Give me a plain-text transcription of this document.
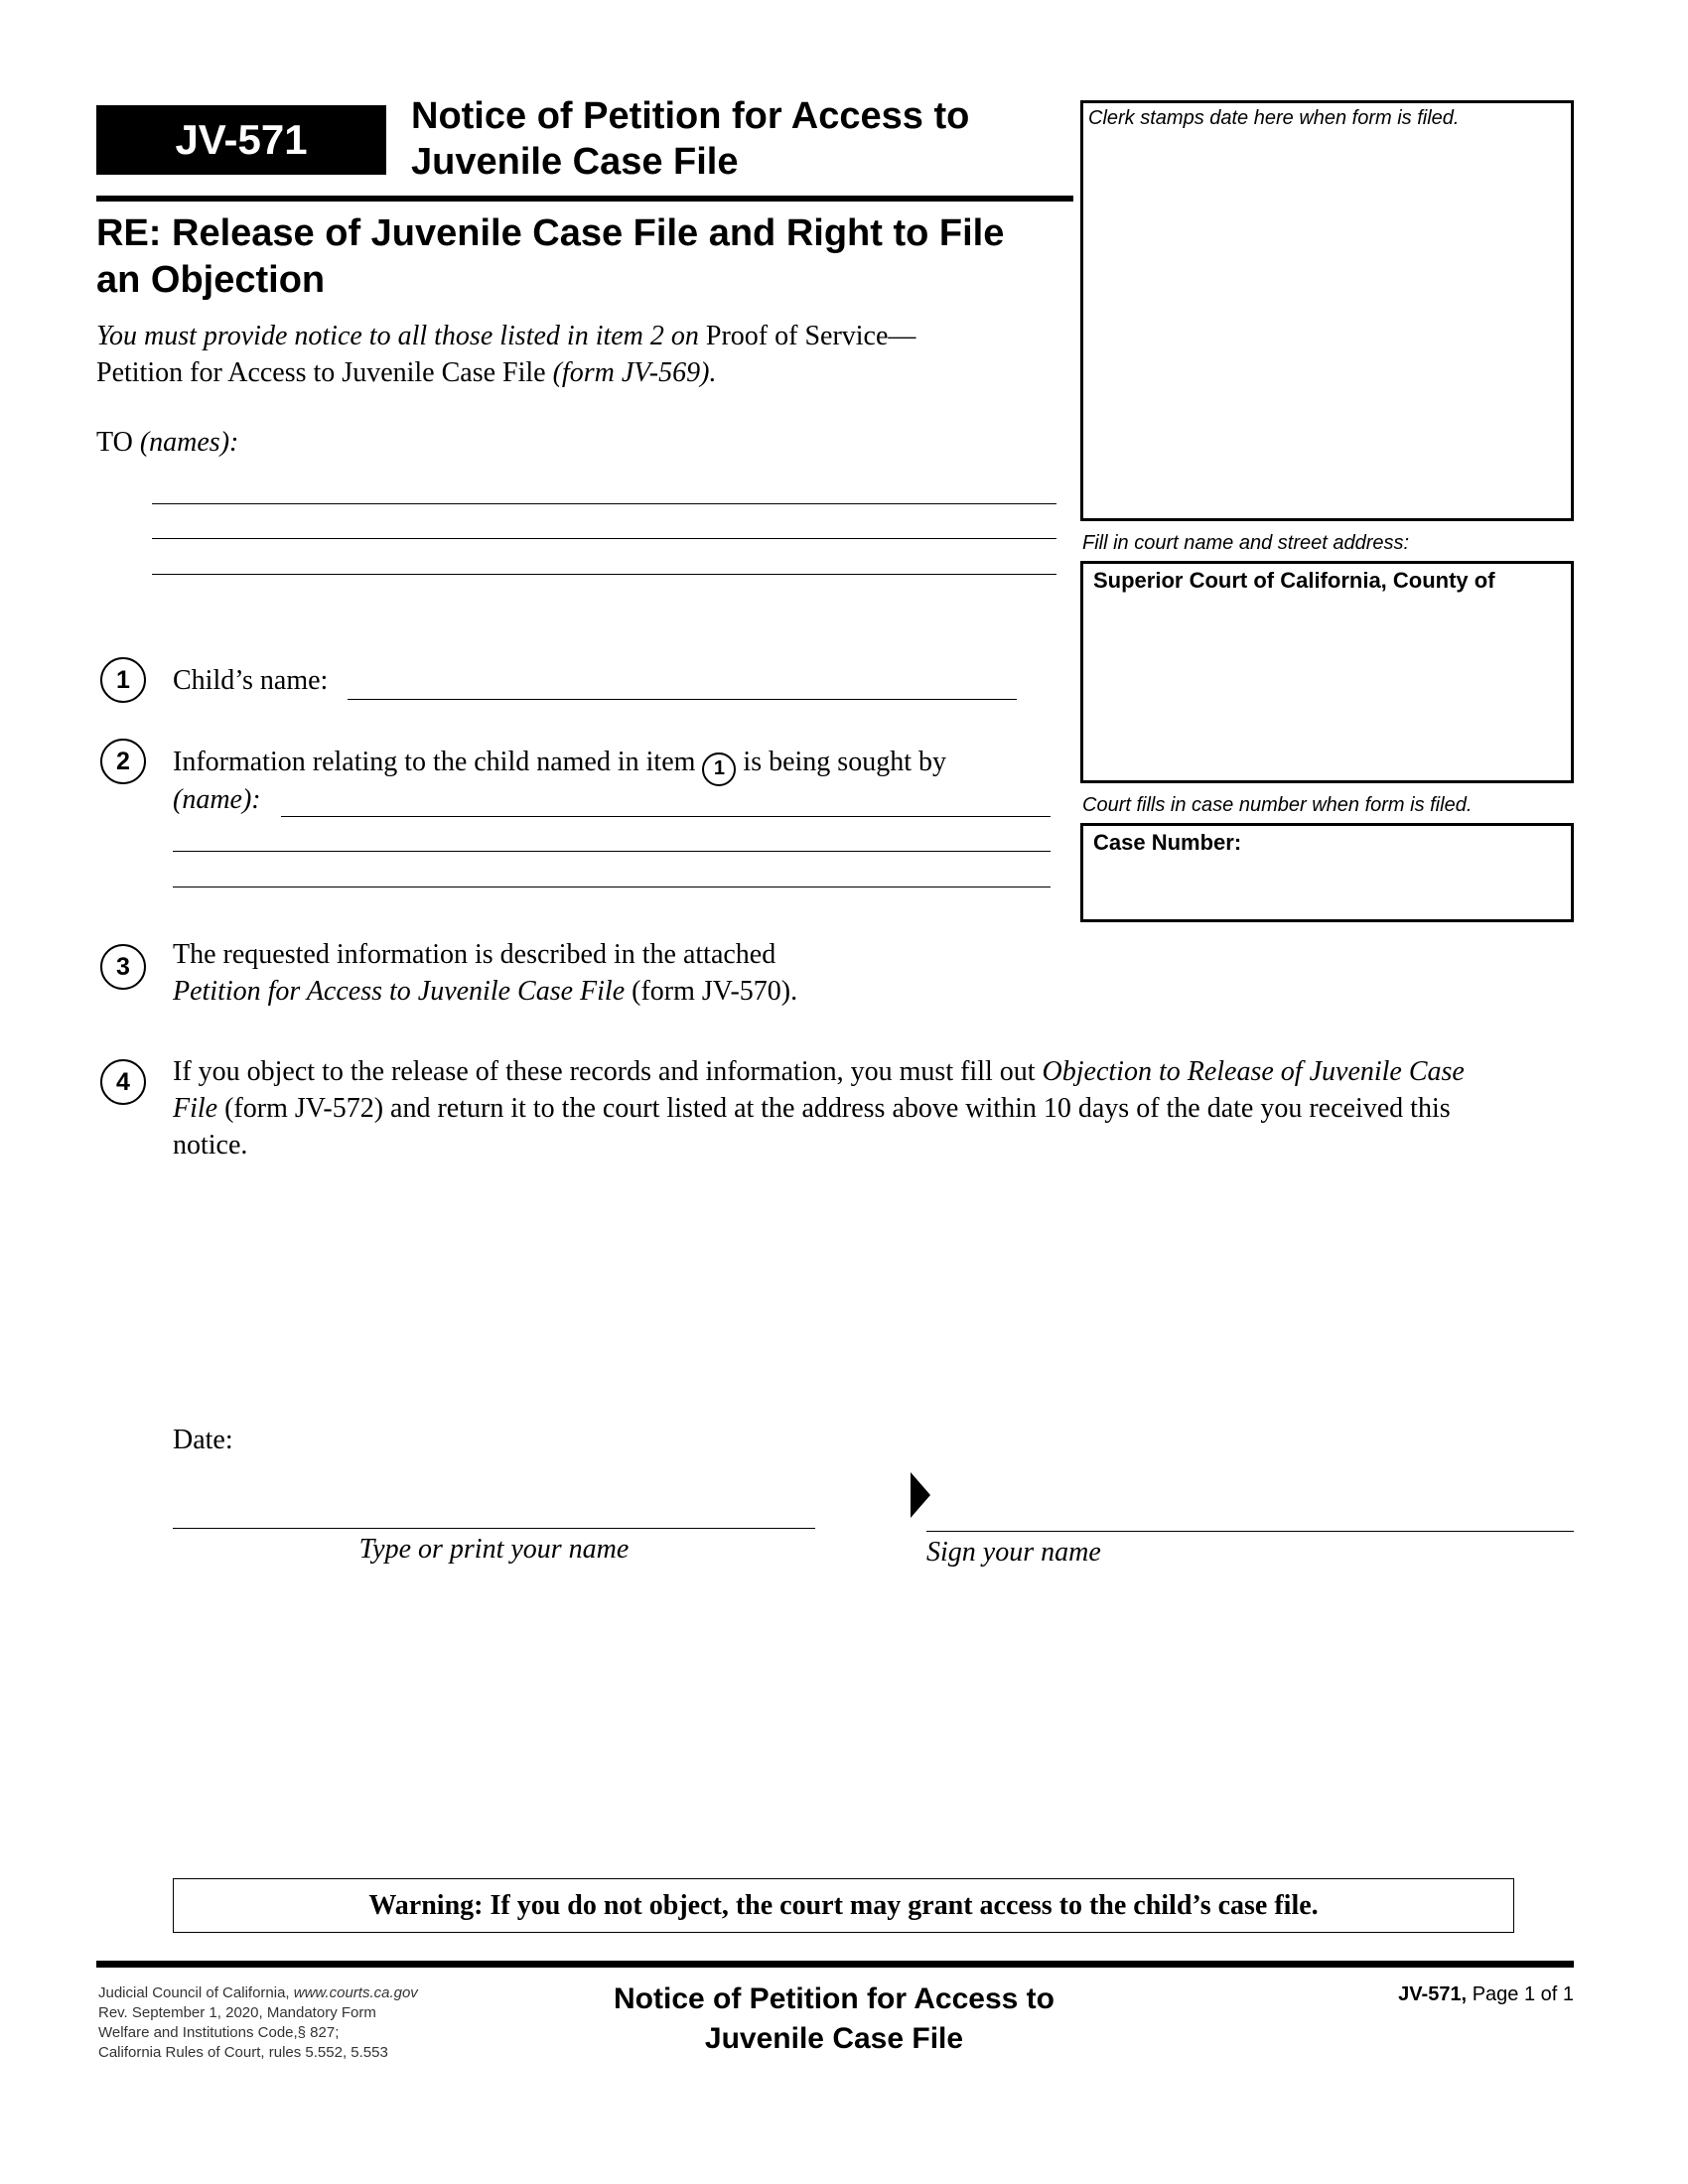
JV-571	Notice of Petition for Access to
Juvenile Case File
Clerk stamps date here when form is filed.
Fill in court name and street address:
Superior Court of California, County of
Court fills in case number when form is filed.
Case Number:
RE: Release of Juvenile Case File and Right to File
an Objection
You must provide notice to all those listed in item 2 on Proof of Service—
Petition for Access to Juvenile Case File (form JV-569).
TO (names):
1	Child’s name:
2	Information relating to the child named in item 1 is being sought by
(name):
3	The requested information is described in the attached
Petition for Access to Juvenile Case File (form JV-570).
4	If you object to the release of these records and information, you must fill out Objection to Release of Juvenile Case
File (form JV-572) and return it to the court listed at the address above within 10 days of the date you received this
notice.
Date:
Type or print your name	Sign your name
Warning: If you do not object, the court may grant access to the child’s case file.
Judicial Council of California, www.courts.ca.gov
Rev. September 1, 2020, Mandatory Form
Welfare and Institutions Code,§ 827;
California Rules of Court, rules 5.552, 5.553
Notice of Petition for Access to
Juvenile Case File
JV-571, Page 1 of 1
